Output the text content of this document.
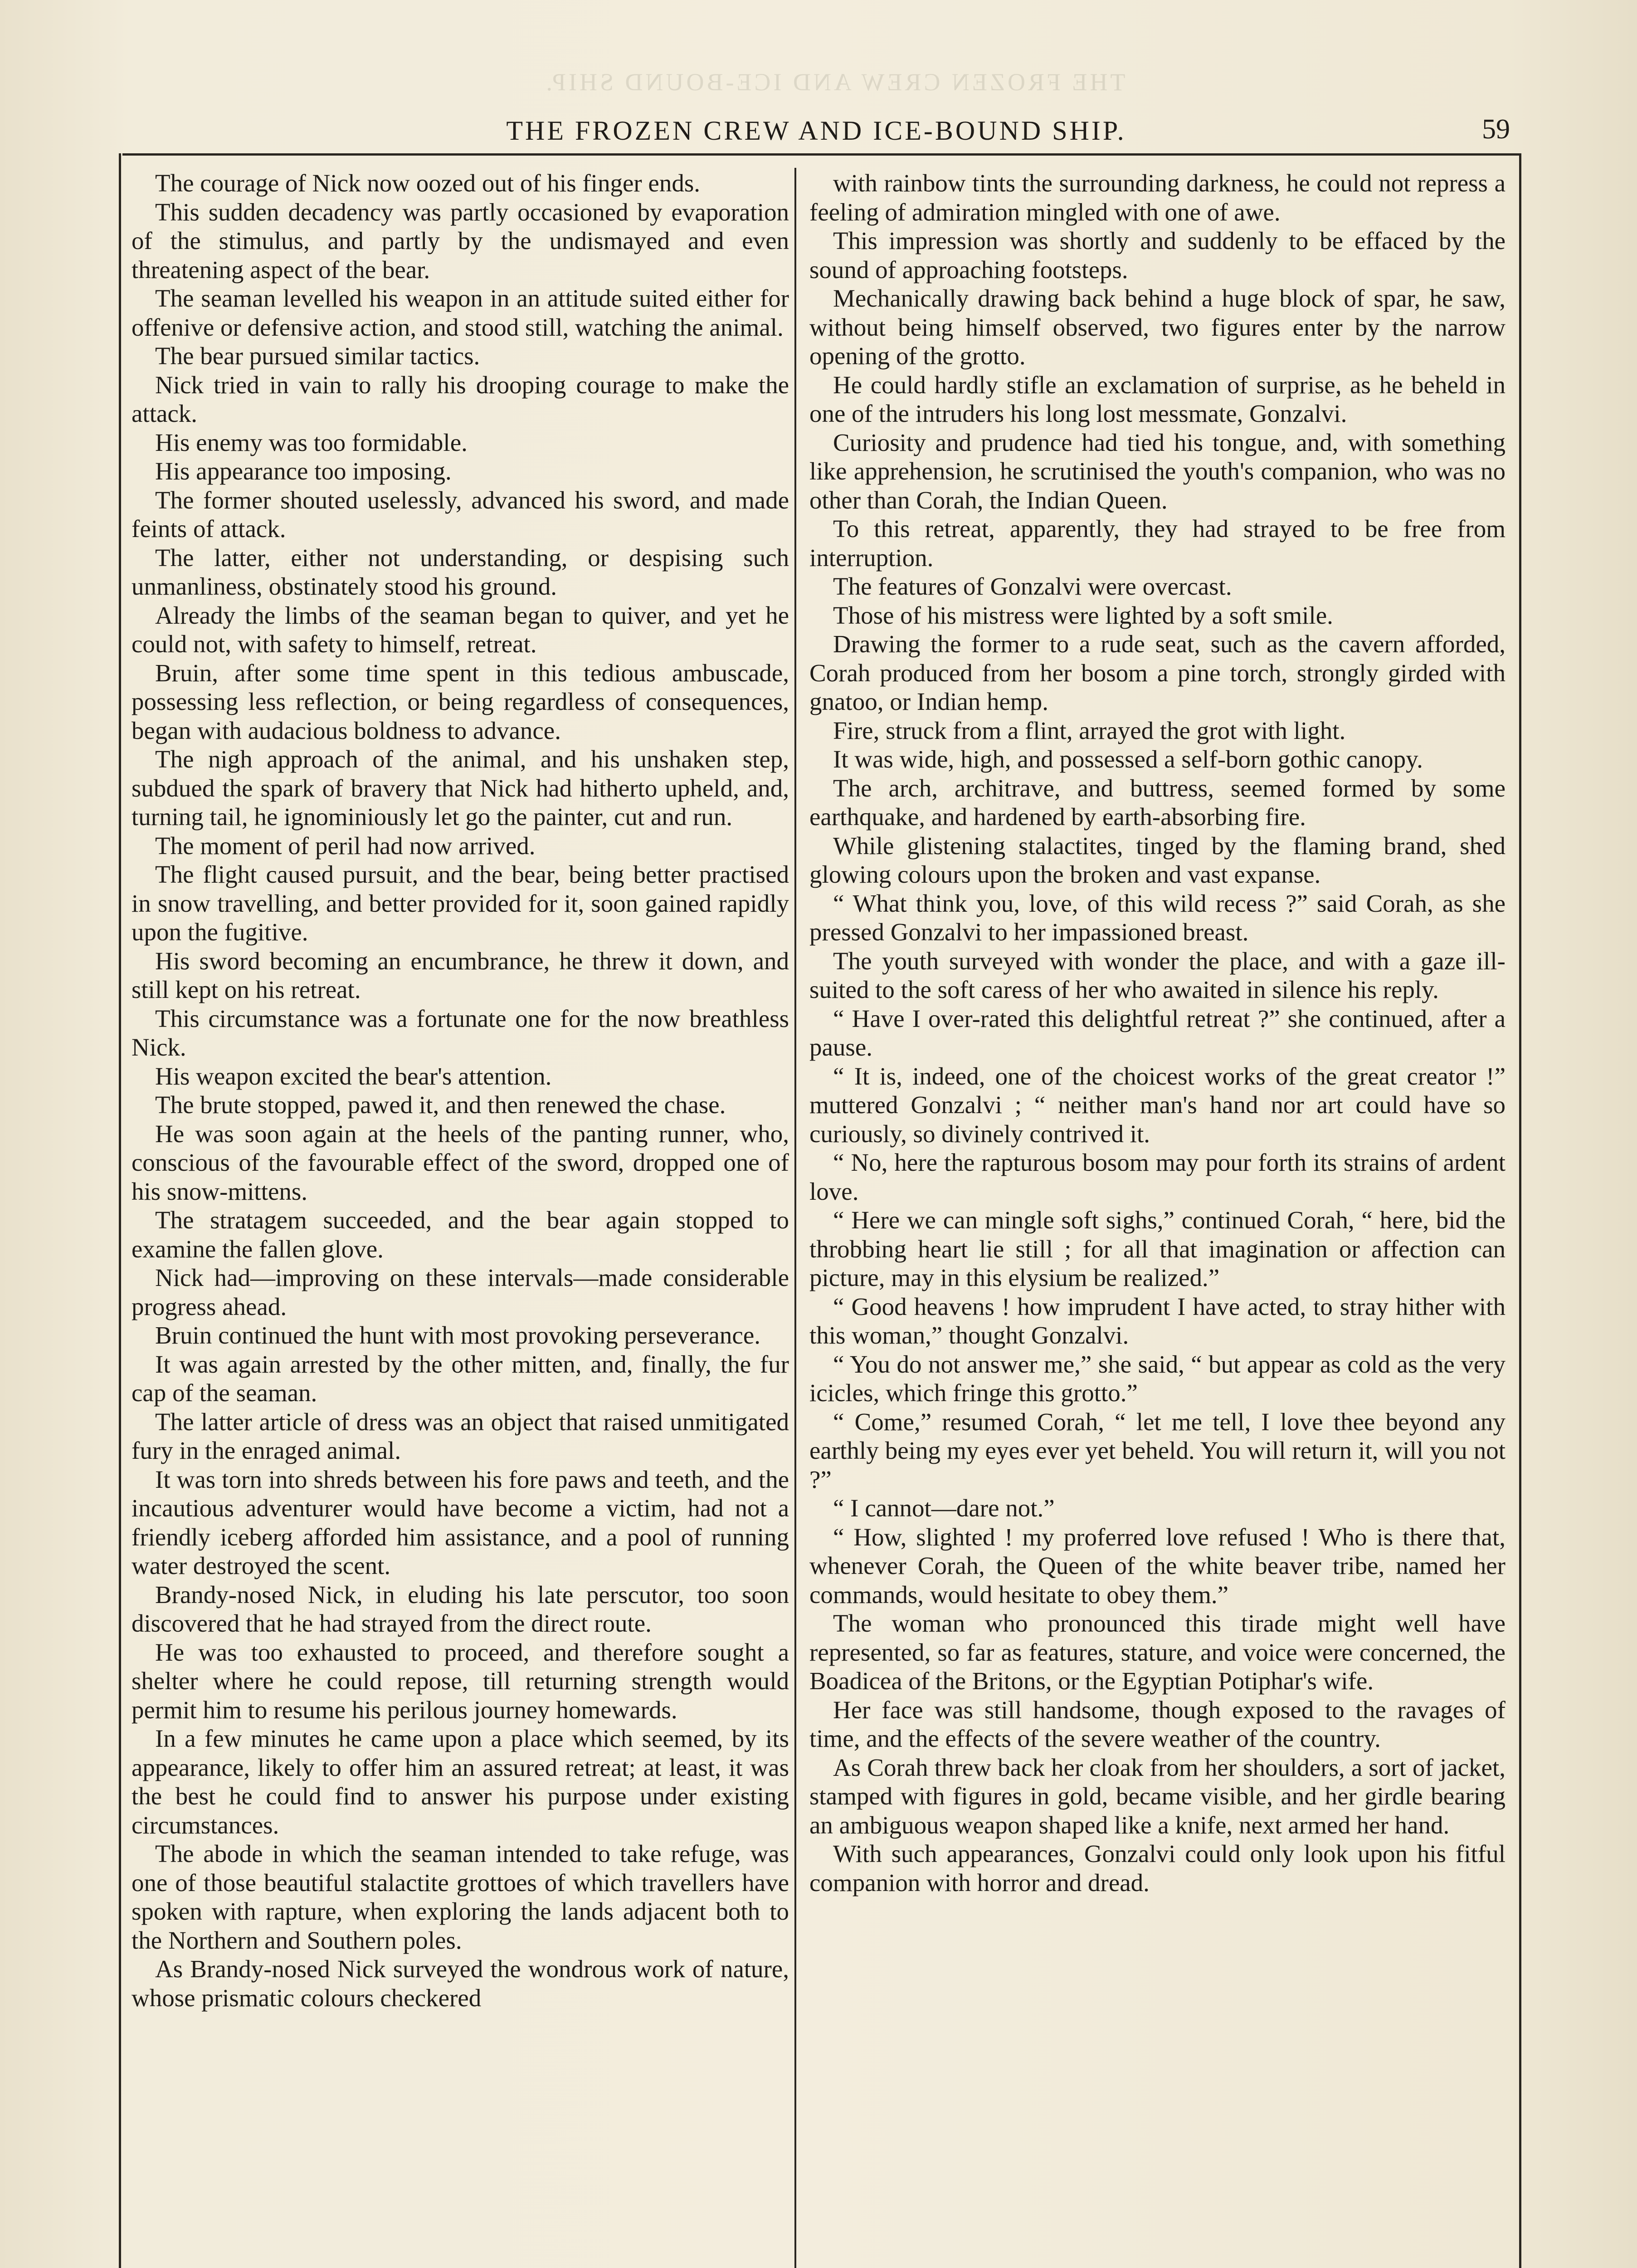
THE FROZEN CREW AND ICE-BOUND SHIP.
THE FROZEN CREW AND ICE-BOUND SHIP.	59

The courage of Nick now oozed out of his finger ends.

This sudden decadency was partly occasioned by evaporation of the stimulus, and partly by the undismayed and even threatening aspect of the bear.

The seaman levelled his weapon in an attitude suited either for offenive or defensive action, and stood still, watching the animal.

The bear pursued similar tactics.

Nick tried in vain to rally his drooping courage to make the attack.

His enemy was too formidable.

His appearance too imposing.

The former shouted uselessly, advanced his sword, and made feints of attack.

The latter, either not understanding, or despising such unmanliness, obstinately stood his ground.

Already the limbs of the seaman began to quiver, and yet he could not, with safety to himself, retreat.

Bruin, after some time spent in this tedious ambuscade, possessing less reflection, or being regardless of consequences, began with audacious boldness to advance.

The nigh approach of the animal, and his unshaken step, subdued the spark of bravery that Nick had hitherto upheld, and, turning tail, he ignominiously let go the painter, cut and run.

The moment of peril had now arrived.

The flight caused pursuit, and the bear, being better practised in snow travelling, and better provided for it, soon gained rapidly upon the fugitive.

His sword becoming an encumbrance, he threw it down, and still kept on his retreat.

This circumstance was a fortunate one for the now breathless Nick.

His weapon excited the bear's attention.

The brute stopped, pawed it, and then renewed the chase.

He was soon again at the heels of the panting runner, who, conscious of the favourable effect of the sword, dropped one of his snow-mittens.

The stratagem succeeded, and the bear again stopped to examine the fallen glove.

Nick had—improving on these intervals—made considerable progress ahead.

Bruin continued the hunt with most provoking perseverance.

It was again arrested by the other mitten, and, finally, the fur cap of the seaman.

The latter article of dress was an object that raised unmitigated fury in the enraged animal.

It was torn into shreds between his fore paws and teeth, and the incautious adventurer would have become a victim, had not a friendly iceberg afforded him assistance, and a pool of running water destroyed the scent.

Brandy-nosed Nick, in eluding his late perscutor, too soon discovered that he had strayed from the direct route.

He was too exhausted to proceed, and therefore sought a shelter where he could repose, till returning strength would permit him to resume his perilous journey homewards.

In a few minutes he came upon a place which seemed, by its appearance, likely to offer him an assured retreat; at least, it was the best he could find to answer his purpose under existing circumstances.

The abode in which the seaman intended to take refuge, was one of those beautiful stalactite grottoes of which travellers have spoken with rapture, when exploring the lands adjacent both to the Northern and Southern poles.

As Brandy-nosed Nick surveyed the wondrous work of nature, whose prismatic colours checkered

with rainbow tints the surrounding darkness, he could not repress a feeling of admiration mingled with one of awe.

This impression was shortly and suddenly to be effaced by the sound of approaching footsteps.

Mechanically drawing back behind a huge block of spar, he saw, without being himself observed, two figures enter by the narrow opening of the grotto.

He could hardly stifle an exclamation of surprise, as he beheld in one of the intruders his long lost messmate, Gonzalvi.

Curiosity and prudence had tied his tongue, and, with something like apprehension, he scrutinised the youth's companion, who was no other than Corah, the Indian Queen.

To this retreat, apparently, they had strayed to be free from interruption.

The features of Gonzalvi were overcast.

Those of his mistress were lighted by a soft smile.

Drawing the former to a rude seat, such as the cavern afforded, Corah produced from her bosom a pine torch, strongly girded with gnatoo, or Indian hemp.

Fire, struck from a flint, arrayed the grot with light.

It was wide, high, and possessed a self-born gothic canopy.

The arch, architrave, and buttress, seemed formed by some earthquake, and hardened by earth-absorbing fire.

While glistening stalactites, tinged by the flaming brand, shed glowing colours upon the broken and vast expanse.

“ What think you, love, of this wild recess ?” said Corah, as she pressed Gonzalvi to her impassioned breast.

The youth surveyed with wonder the place, and with a gaze ill-suited to the soft caress of her who awaited in silence his reply.

“ Have I over-rated this delightful retreat ?” she continued, after a pause.

“ It is, indeed, one of the choicest works of the great creator !” muttered Gonzalvi ; “ neither man's hand nor art could have so curiously, so divinely contrived it.

“ No, here the rapturous bosom may pour forth its strains of ardent love.

“ Here we can mingle soft sighs,” continued Corah, “ here, bid the throbbing heart lie still ; for all that imagination or affection can picture, may in this elysium be realized.”

“ Good heavens ! how imprudent I have acted, to stray hither with this woman,” thought Gonzalvi.

“ You do not answer me,” she said, “ but appear as cold as the very icicles, which fringe this grotto.”

“ Come,” resumed Corah, “ let me tell, I love thee beyond any earthly being my eyes ever yet beheld. You will return it, will you not ?”

“ I cannot—dare not.”

“ How, slighted ! my proferred love refused ! Who is there that, whenever Corah, the Queen of the white beaver tribe, named her commands, would hesitate to obey them.”

The woman who pronounced this tirade might well have represented, so far as features, stature, and voice were concerned, the Boadicea of the Britons, or the Egyptian Potiphar's wife.

Her face was still handsome, though exposed to the ravages of time, and the effects of the severe weather of the country.

As Corah threw back her cloak from her shoulders, a sort of jacket, stamped with figures in gold, became visible, and her girdle bearing an ambiguous weapon shaped like a knife, next armed her hand.

With such appearances, Gonzalvi could only look upon his fitful companion with horror and dread.
